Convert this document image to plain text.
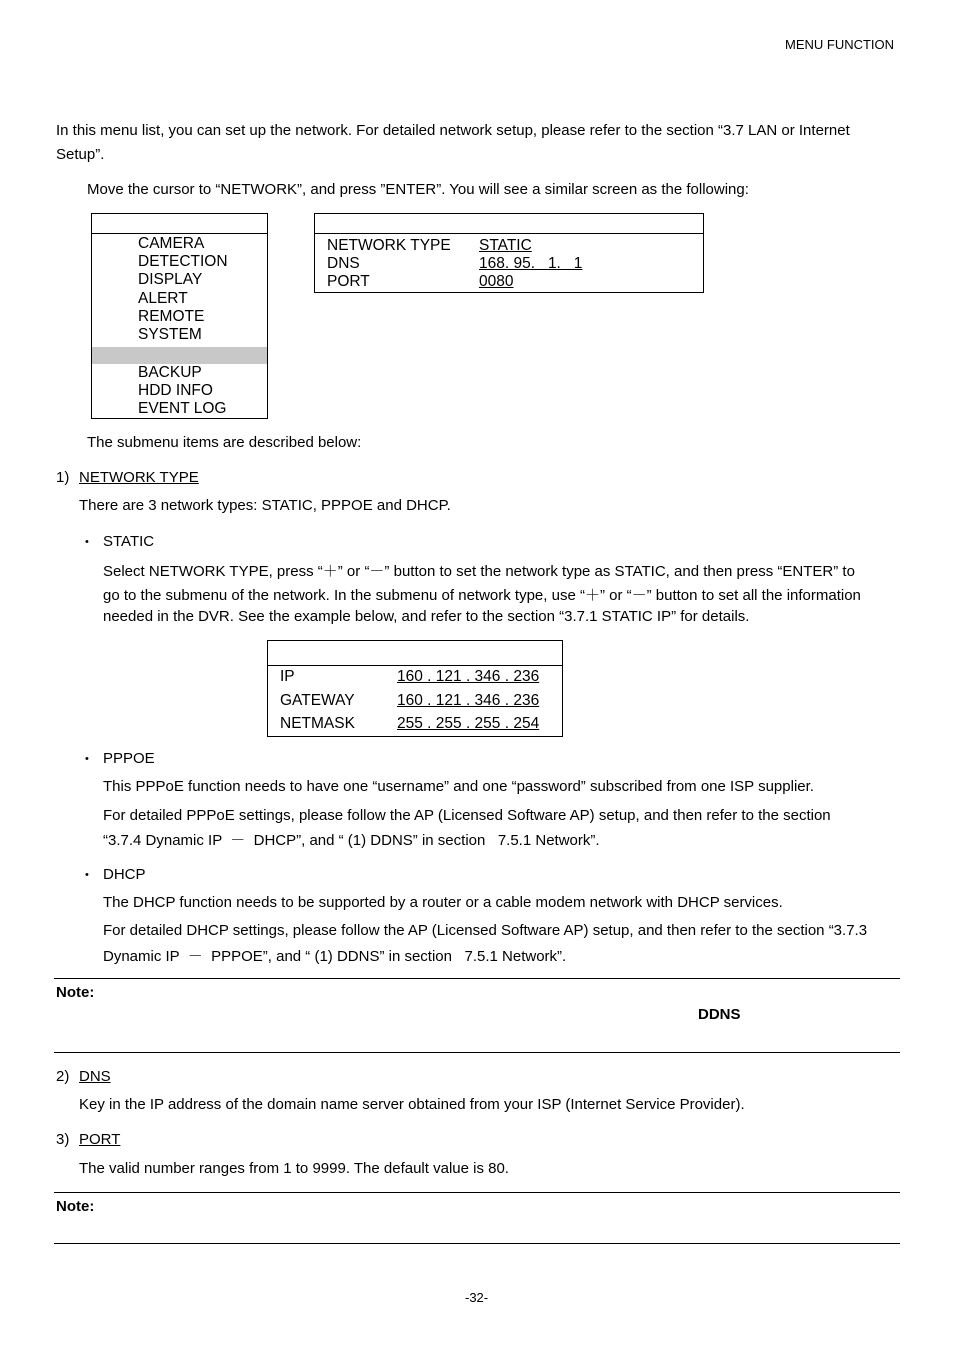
MENU FUNCTION
In this menu list, you can set up the network. For detailed network setup, please refer to the section “3.7 LAN or Internet
Setup”.
Move the cursor to “NETWORK”, and press ”ENTER”. You will see a similar screen as the following:
CAMERA
DETECTION
DISPLAY
ALERT
REMOTE
SYSTEM
BACKUP
HDD INFO
EVENT LOG
NETWORK TYPE STATIC
DNS	168. 95.   1.   1
PORT	0080
The submenu items are described below:
1) NETWORK TYPE
There are 3 network types: STATIC, PPPOE and DHCP.
• STATIC
Select NETWORK TYPE, press “＋” or “－” button to set the network type as STATIC, and then press “ENTER” to
go to the submenu of the network. In the submenu of network type, use “＋” or “－” button to set all the information
needed in the DVR. See the example below, and refer to the section “3.7.1 STATIC IP” for details.
IP	160 . 121 . 346 . 236
GATEWAY	160 . 121 . 346 . 236
NETMASK	255 . 255 . 255 . 254
• PPPOE
This PPPoE function needs to have one “username” and one “password” subscribed from one ISP supplier.
For detailed PPPoE settings, please follow the AP (Licensed Software AP) setup, and then refer to the section
“3.7.4 Dynamic IP  －  DHCP”, and “ (1) DDNS” in section   7.5.1 Network”.
• DHCP
The DHCP function needs to be supported by a router or a cable modem network with DHCP services.
For detailed DHCP settings, please follow the AP (Licensed Software AP) setup, and then refer to the section “3.7.3
Dynamic IP  －  PPPOE”, and “ (1) DDNS” in section   7.5.1 Network”.
Note:
DDNS
2) DNS
Key in the IP address of the domain name server obtained from your ISP (Internet Service Provider).
3) PORT
The valid number ranges from 1 to 9999. The default value is 80.
Note:
-32-
